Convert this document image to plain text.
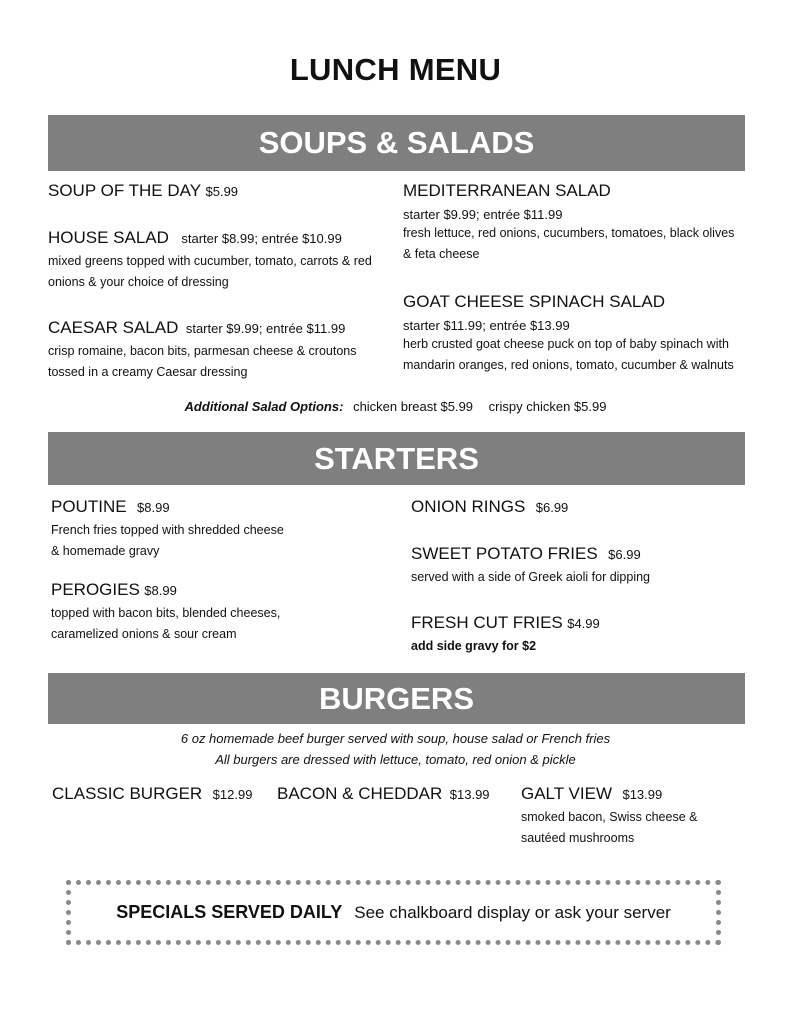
LUNCH MENU
SOUPS & SALADS
SOUP OF THE DAY $5.99
HOUSE SALAD starter $8.99; entrée $10.99
mixed greens topped with cucumber, tomato, carrots & red
onions & your choice of dressing
CAESAR SALAD starter $9.99; entrée $11.99
crisp romaine, bacon bits, parmesan cheese & croutons
tossed in a creamy Caesar dressing
MEDITERRANEAN SALAD
starter $9.99; entrée $11.99
fresh lettuce, red onions, cucumbers, tomatoes, black olives
& feta cheese
GOAT CHEESE SPINACH SALAD
starter $11.99; entrée $13.99
herb crusted goat cheese puck on top of baby spinach with
mandarin oranges, red onions, tomato, cucumber & walnuts
Additional Salad Options: chicken breast $5.99 crispy chicken $5.99
STARTERS
POUTINE $8.99
French fries topped with shredded cheese
& homemade gravy
PEROGIES $8.99
topped with bacon bits, blended cheeses,
caramelized onions & sour cream
ONION RINGS $6.99
SWEET POTATO FRIES $6.99
served with a side of Greek aioli for dipping
FRESH CUT FRIES $4.99
add side gravy for $2
BURGERS
6 oz homemade beef burger served with soup, house salad or French fries
All burgers are dressed with lettuce, tomato, red onion & pickle
CLASSIC BURGER $12.99 BACON & CHEDDAR $13.99 GALT VIEW $13.99
smoked bacon, Swiss cheese &
sautéed mushrooms
SPECIALS SERVED DAILY See chalkboard display or ask your server
